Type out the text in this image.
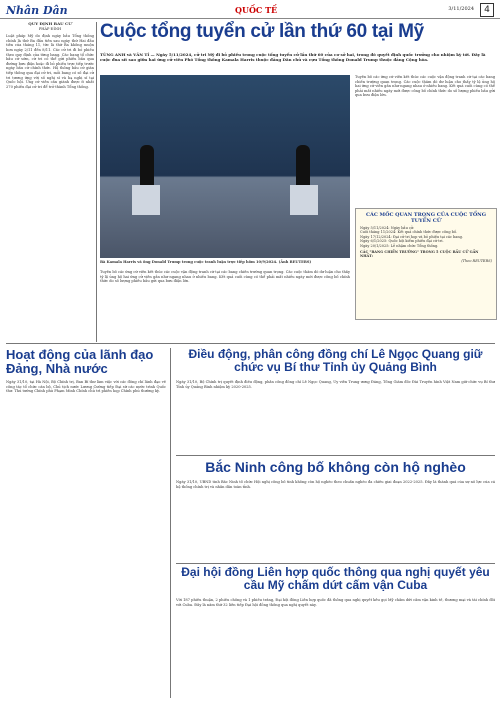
Nhân Dân	QUỐC TẾ	3/11/2024	4
QUY ĐỊNH BẦU CỬ
PHÁP ĐÌNH
Luật pháp Mỹ do định ngày bầu Tổng thống chính là thứ Ba đầu tiên sau ngày thứ Hai đầu tiên của tháng 11, tức là thứ Ba không muộn hơn ngày 2/11 đến 8/11. Các cử tri đi bỏ phiếu theo quy định của từng bang. Các bang tổ chức bầu cử sớm, cử tri có thể gửi phiếu bầu qua đường bưu điện hoặc đi bỏ phiếu trực tiếp trước ngày bầu cử chính thức. Hệ thống bầu cử gián tiếp thông qua đại cử tri, mỗi bang có số đại cử tri tương ứng với số nghị sĩ và hạ nghị sĩ tại Quốc hội. Ứng cử viên cần giành được ít nhất 270 phiếu đại cử tri để trở thành Tổng thống.
Cuộc tổng tuyển cử lần thứ 60 tại Mỹ
TÙNG ANH và VĂN TÍ — Ngày 5/11/2024, cử tri Mỹ đi bỏ phiếu trong cuộc tổng tuyển cử lần thứ 60 của cơ sở hai, trong đó quyết định quốc trưởng cho nhiệm kỳ tới. Đây là cuộc đua sít sao giữa hai ứng cử viên Phó Tổng thống Kamala Harris thuộc đảng Dân chủ và cựu Tổng thống Donald Trump thuộc đảng Cộng hòa.
Bà Kamala Harris và ông Donald Trump trong cuộc tranh luận trực tiếp hôm 10/9/2024. (Ảnh REUTERS)
Tuyên bố các ứng cử viên kết thúc các cuộc vận động tranh cử tại các bang chiến trường quan trọng. Các cuộc thăm dò dư luận cho thấy tỷ lệ ủng hộ hai ứng cử viên gần như ngang nhau ở nhiều bang. Kết quả cuối cùng có thể phải mất nhiều ngày mới được công bố chính thức do số lượng phiếu bầu gửi qua bưu điện lớn.
Tuyên bố các ứng cử viên kết thúc các cuộc vận động tranh cử tại các bang chiến trường quan trọng. Các cuộc thăm dò dư luận cho thấy tỷ lệ ủng hộ hai ứng cử viên gần như ngang nhau ở nhiều bang. Kết quả cuối cùng có thể phải mất nhiều ngày mới được công bố chính thức do số lượng phiếu bầu gửi qua bưu điện lớn.
CÁC MỐC QUAN TRỌNG CỦA CUỘC TỔNG TUYỂN CỬ
Ngày 5/11/2024: Ngày bầu cử.
Cuối tháng 11/2024: Kết quả chính thức được công bố.
Ngày 17/12/2024: Đại cử tri họp và bỏ phiếu tại các bang.
Ngày 6/1/2025: Quốc hội kiểm phiếu đại cử tri.
Ngày 20/1/2025: Lễ nhậm chức Tổng thống.
CÁC "BANG CHIẾN TRƯỜNG" TRONG 5 CUỘC BẦU CỬ GẦN NHẤT:
(Theo REUTERS)
Hoạt động của lãnh đạo Đảng, Nhà nước
Ngày 31/10, tại Hà Nội, Bộ Chính trị, Ban Bí thư làm việc với các đồng chí lãnh đạo về công tác tổ chức cán bộ. Chủ tịch nước Lương Cường tiếp Đại sứ các nước trình Quốc thư. Thủ tướng Chính phủ Phạm Minh Chính chủ trì phiên họp Chính phủ thường kỳ.
Điều động, phân công đồng chí Lê Ngọc Quang giữ chức vụ Bí thư Tỉnh ủy Quảng Bình
Ngày 31/10, Bộ Chính trị quyết định điều động, phân công đồng chí Lê Ngọc Quang, Ủy viên Trung ương Đảng, Tổng Giám đốc Đài Truyền hình Việt Nam giữ chức vụ Bí thư Tỉnh ủy Quảng Bình nhiệm kỳ 2020-2025.
Bắc Ninh công bố không còn hộ nghèo
Ngày 31/10, UBND tỉnh Bắc Ninh tổ chức Hội nghị công bố tỉnh không còn hộ nghèo theo chuẩn nghèo đa chiều giai đoạn 2022-2025. Đây là thành quả của sự nỗ lực của cả hệ thống chính trị và nhân dân toàn tỉnh.
Đại hội đồng Liên hợp quốc thông qua nghị quyết yêu cầu Mỹ chấm dứt cấm vận Cuba
Với 187 phiếu thuận, 2 phiếu chống và 1 phiếu trắng, Đại hội đồng Liên hợp quốc đã thông qua nghị quyết kêu gọi Mỹ chấm dứt cấm vận kinh tế, thương mại và tài chính đối với Cuba. Đây là năm thứ 32 liên tiếp Đại hội đồng thông qua nghị quyết này.
